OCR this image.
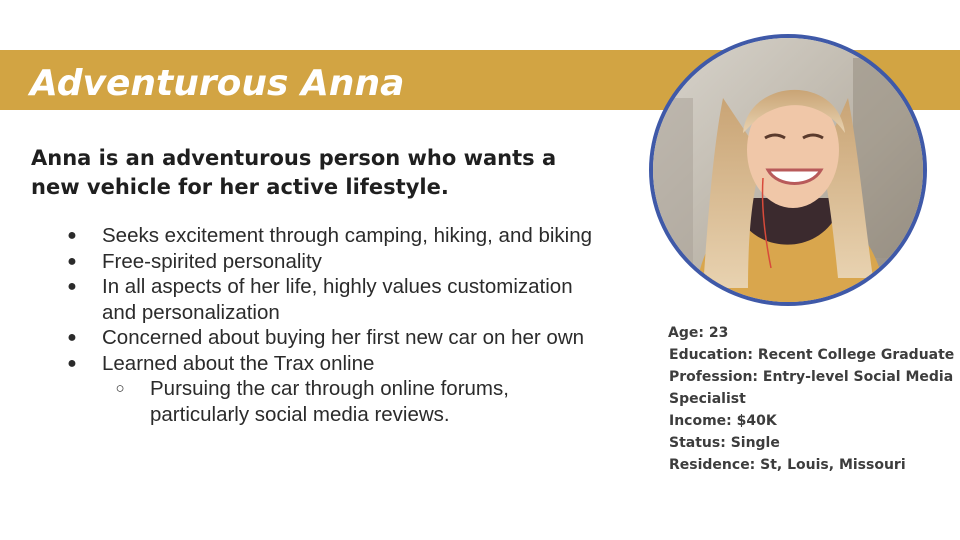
Adventurous Anna

Anna is an adventurous person who wants a new vehicle for her active lifestyle.

● Seeks excitement through camping, hiking, and biking
● Free-spirited personality
● In all aspects of her life, highly values customization and personalization
● Concerned about buying her first new car on her own
● Learned about the Trax online
○ Pursuing the car through online forums, particularly social media reviews.
Age: 23
Education: Recent College Graduate
Profession: Entry-level Social Media Specialist
Income: $40K
Status: Single
Residence: St, Louis, Missouri
